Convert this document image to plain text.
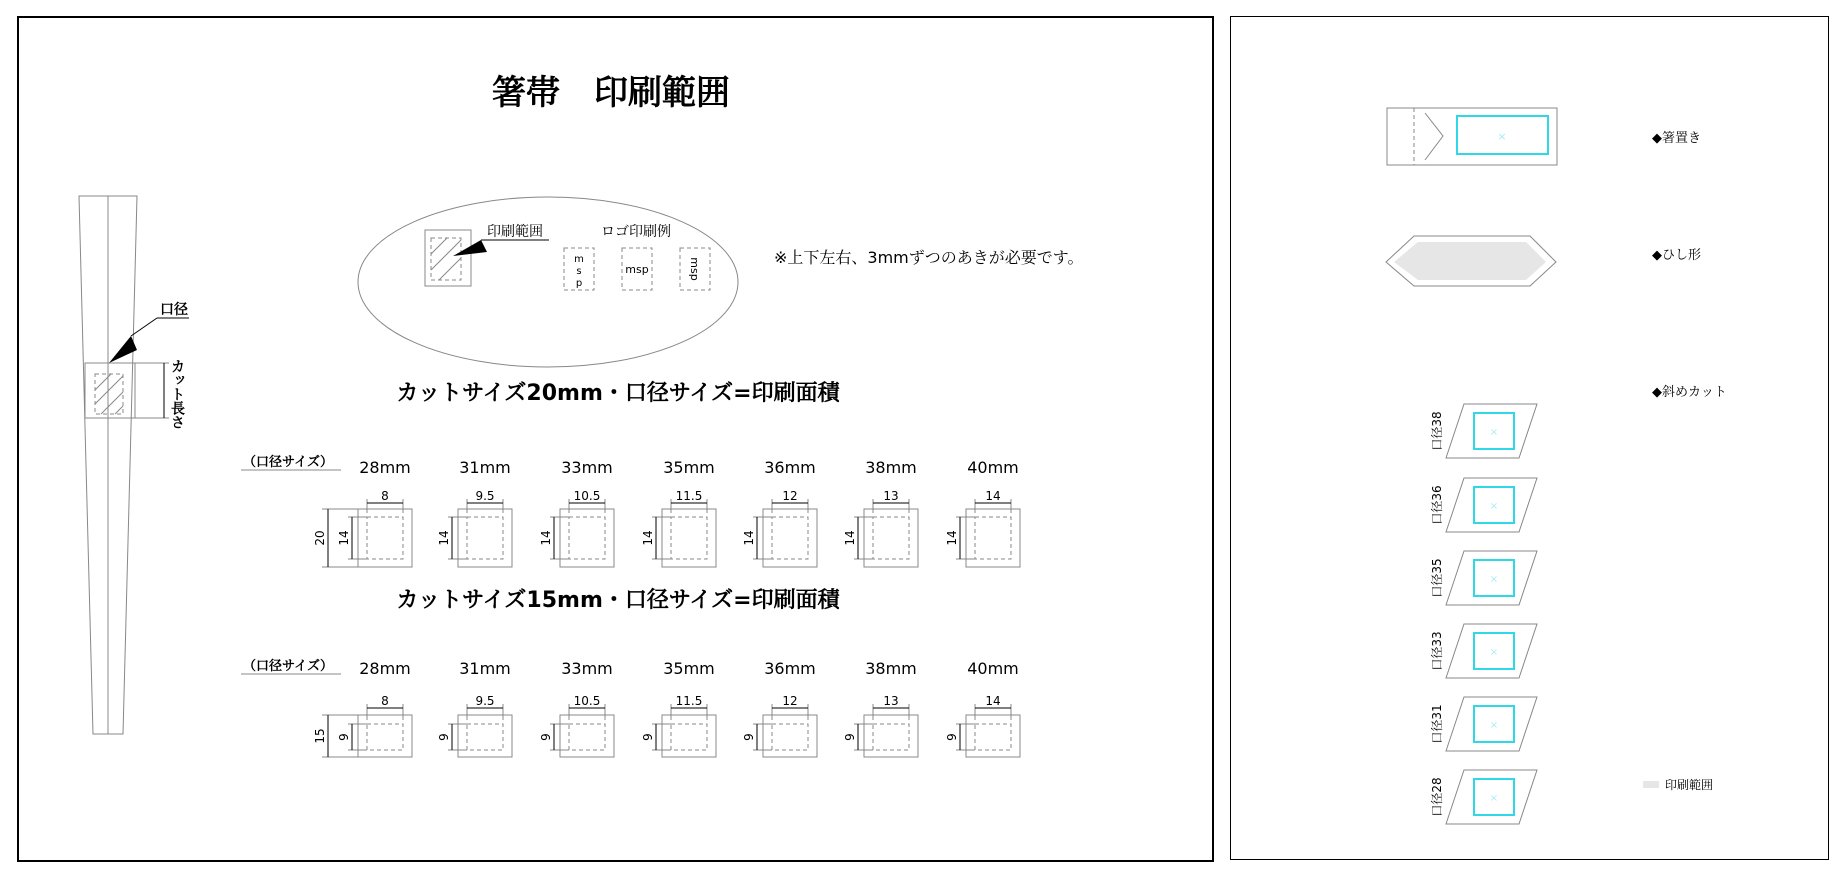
箸帯　印刷範囲
口径
カット長さ
印刷範囲	ロゴ印刷例
m
s
p
msp	msp	※上下左右、3mmずつのあきが必要です。
カットサイズ20mm・口径サイズ=印刷面積
（口径サイズ） 28mm
8
14
20
31mm
9.5
14
33mm
10.5
14
35mm
11.5
14
36mm
12
14
38mm
13
14
40mm
14
14
カットサイズ15mm・口径サイズ=印刷面積
（口径サイズ） 28mm
8
9
15
31mm
9.5
9
33mm
10.5
9
35mm
11.5
9
36mm
12
9
38mm
13
9
40mm
14
9
×	◆箸置き
◆ひし形
◆斜めカット
×
口径38
×
口径36
×
口径35
×
口径33
×
口径31
×
口径28	印刷範囲
